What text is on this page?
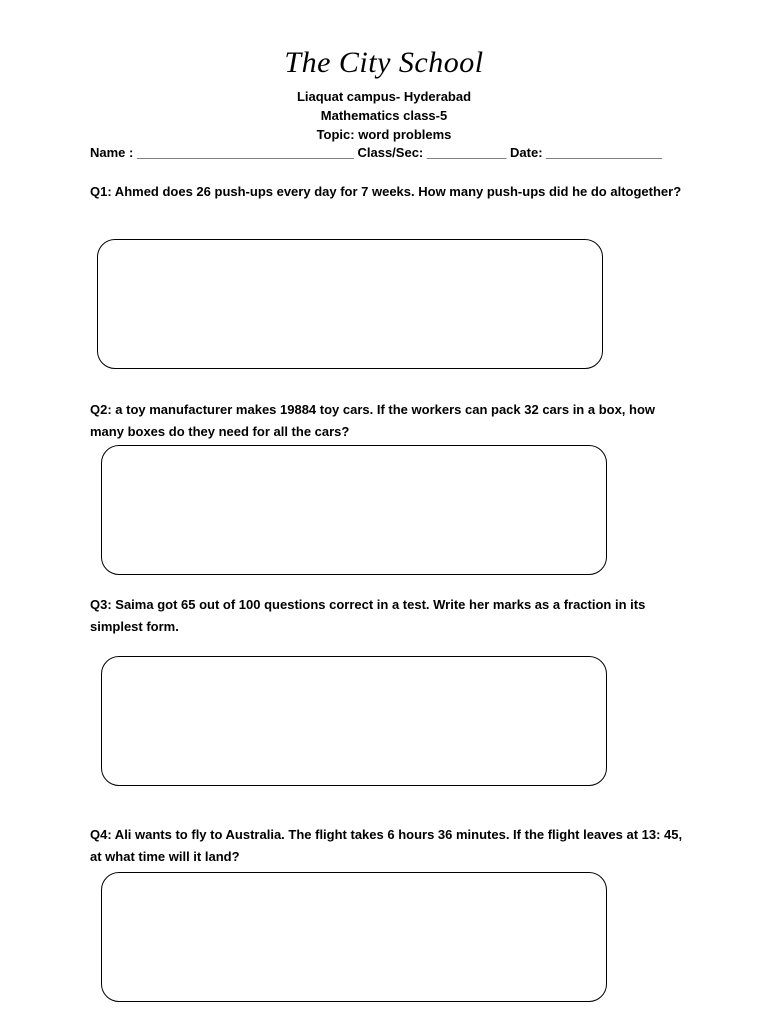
The City School
Liaquat campus- Hyderabad
Mathematics class-5
Topic: word problems
Name : ______________________________ Class/Sec: ___________ Date: ________________
Q1: Ahmed does 26 push-ups every day for 7 weeks. How many push-ups did he do altogether?
Q2: a toy manufacturer makes 19884 toy cars. If the workers can pack 32 cars in a box, how many boxes do they need for all the cars?
Q3: Saima got 65 out of 100 questions correct in a test. Write her marks as a fraction in its simplest form.
Q4: Ali wants to fly to Australia. The flight takes 6 hours 36 minutes. If the flight leaves at 13: 45, at what time will it land?
